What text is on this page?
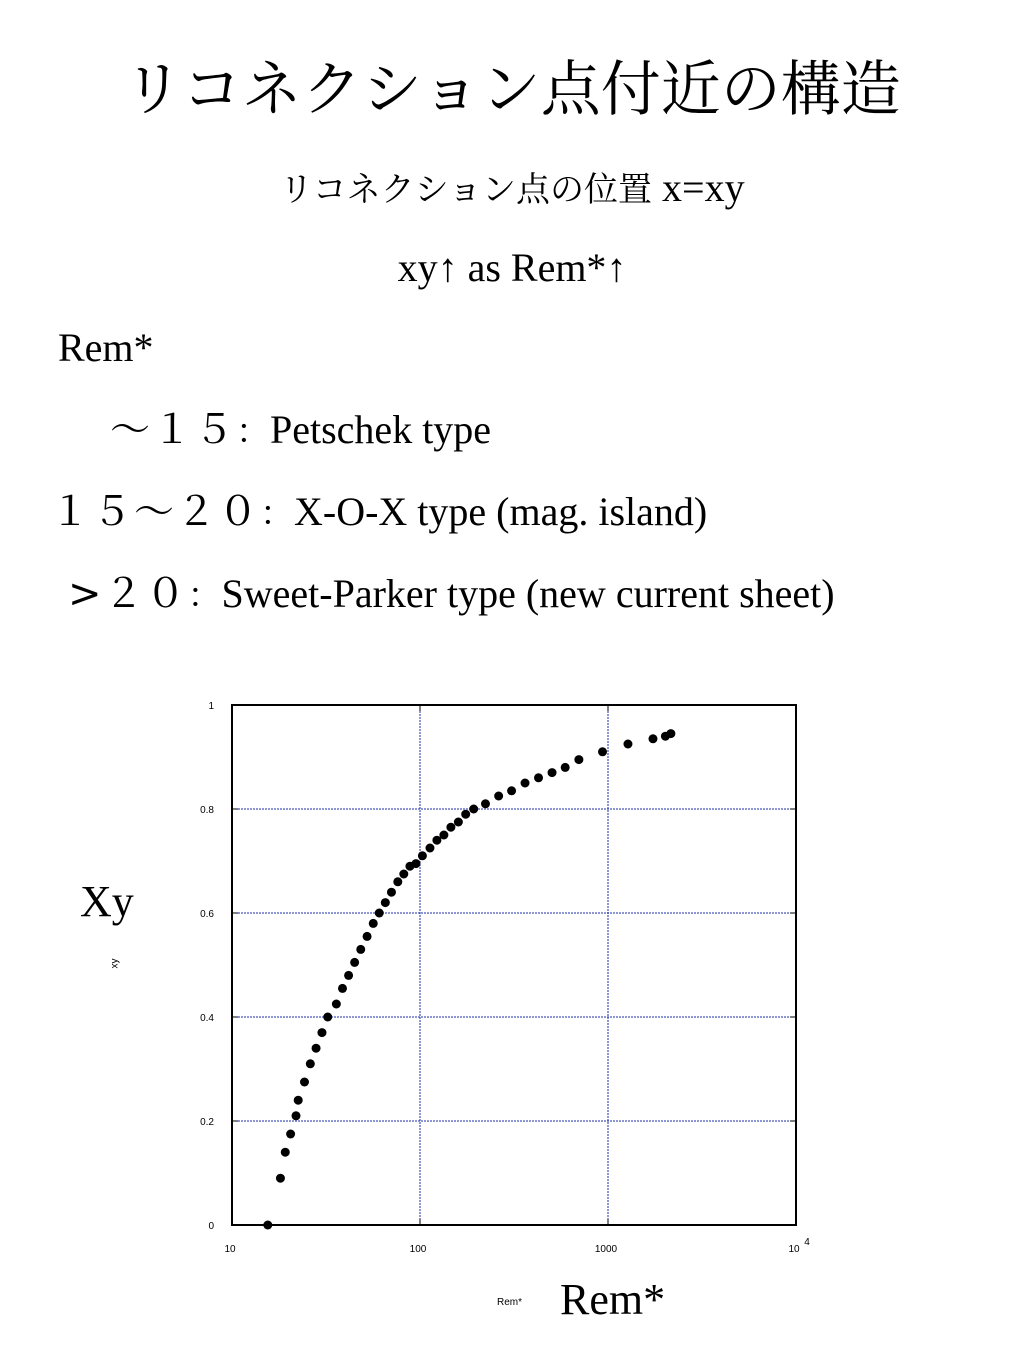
リコネクション点付近の構造
リコネクション点の位置 x=xy
xy↑ as Rem*↑
Rem*
～１５：Petschek type
１５～２０：X-O-X type (mag. island)
>２０：Sweet-Parker type (new current sheet)
Xy
xy
Rem* Rem*
0
0.2
0.4
0.6
0.8
1
10	100	1000	10
4
